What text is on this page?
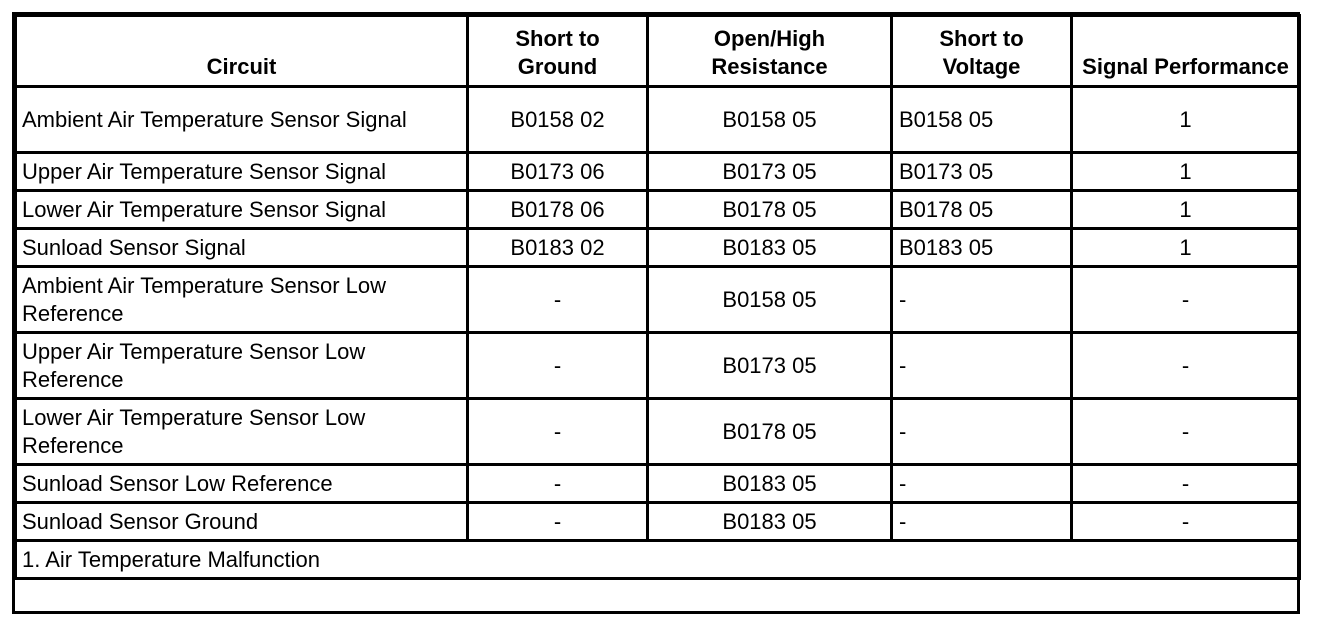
Circuit	Short to Ground	Open/High Resistance	Short to Voltage	Signal Performance
Ambient Air Temperature Sensor Signal	B0158 02	B0158 05	B0158 05	1
Upper Air Temperature Sensor Signal	B0173 06	B0173 05	B0173 05	1
Lower Air Temperature Sensor Signal	B0178 06	B0178 05	B0178 05	1
Sunload Sensor Signal	B0183 02	B0183 05	B0183 05	1
Ambient Air Temperature Sensor Low Reference	-	B0158 05	-	-
Upper Air Temperature Sensor Low Reference	-	B0173 05	-	-
Lower Air Temperature Sensor Low Reference	-	B0178 05	-	-
Sunload Sensor Low Reference	-	B0183 05	-	-
Sunload Sensor Ground	-	B0183 05	-	-
1. Air Temperature Malfunction				
